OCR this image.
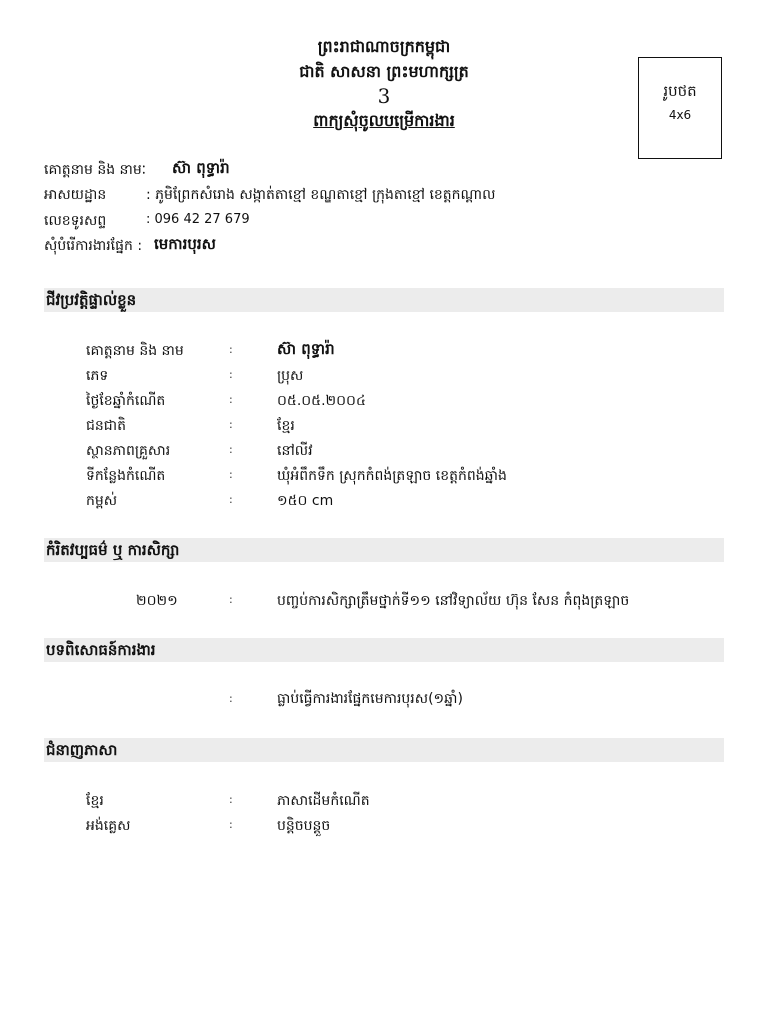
ព្រះរាជាណាចក្រកម្ពុជា
ជាតិ សាសនា ព្រះមហាក្សត្រ
3
ពាក្យសុំចូលបម្រើការងារ
រូបថត
4x6
គោត្តនាម និង នាមៈ ស៊ា ពុទ្ធារ៉ា
អាសយដ្ឋាន	: ភូមិព្រែកសំរោង សង្កាត់តាខ្មៅ ខណ្ឌតាខ្មៅ ក្រុងតាខ្មៅ ខេត្តកណ្ដាល
លេខទូរសព្ទ	: 096 42 27 679
សុំបំរើការងារផ្នែក : មេការបុរស
ជីវប្រវត្តិផ្ទាល់ខ្លួន
គោត្តនាម និង នាម	:	ស៊ា ពុទ្ធារ៉ា
ភេទ	:	ប្រុស
ថ្ងៃខែឆ្នាំកំណើត	:	០៥.០៥.២០០៤
ជនជាតិ	:	ខ្មែរ
ស្ថានភាពគ្រួសារ	:	នៅលីវ
ទីកន្លែងកំណើត	:	ឃុំអំពឹកទឹក ស្រុកកំពង់ត្រឡាច ខេត្តកំពង់ឆ្នាំង
កម្ពស់	:	១៥០ cm
កំរិតវប្បធម៌ ឬ ការសិក្សា
២០២១	:	បញ្ចប់ការសិក្សាត្រឹមថ្នាក់ទី១១ នៅវិទ្យាល័យ ហ៊ុន សែន កំពុងត្រឡាច
បទពិសោធន៍ការងារ
:	ធ្លាប់ធ្វើការងារផ្នែកមេការបុរស(១ឆ្នាំ)
ជំនាញភាសា
ខ្មែរ	:	ភាសាដើមកំណើត
អង់គ្លេស	:	បន្តិចបន្តួច
